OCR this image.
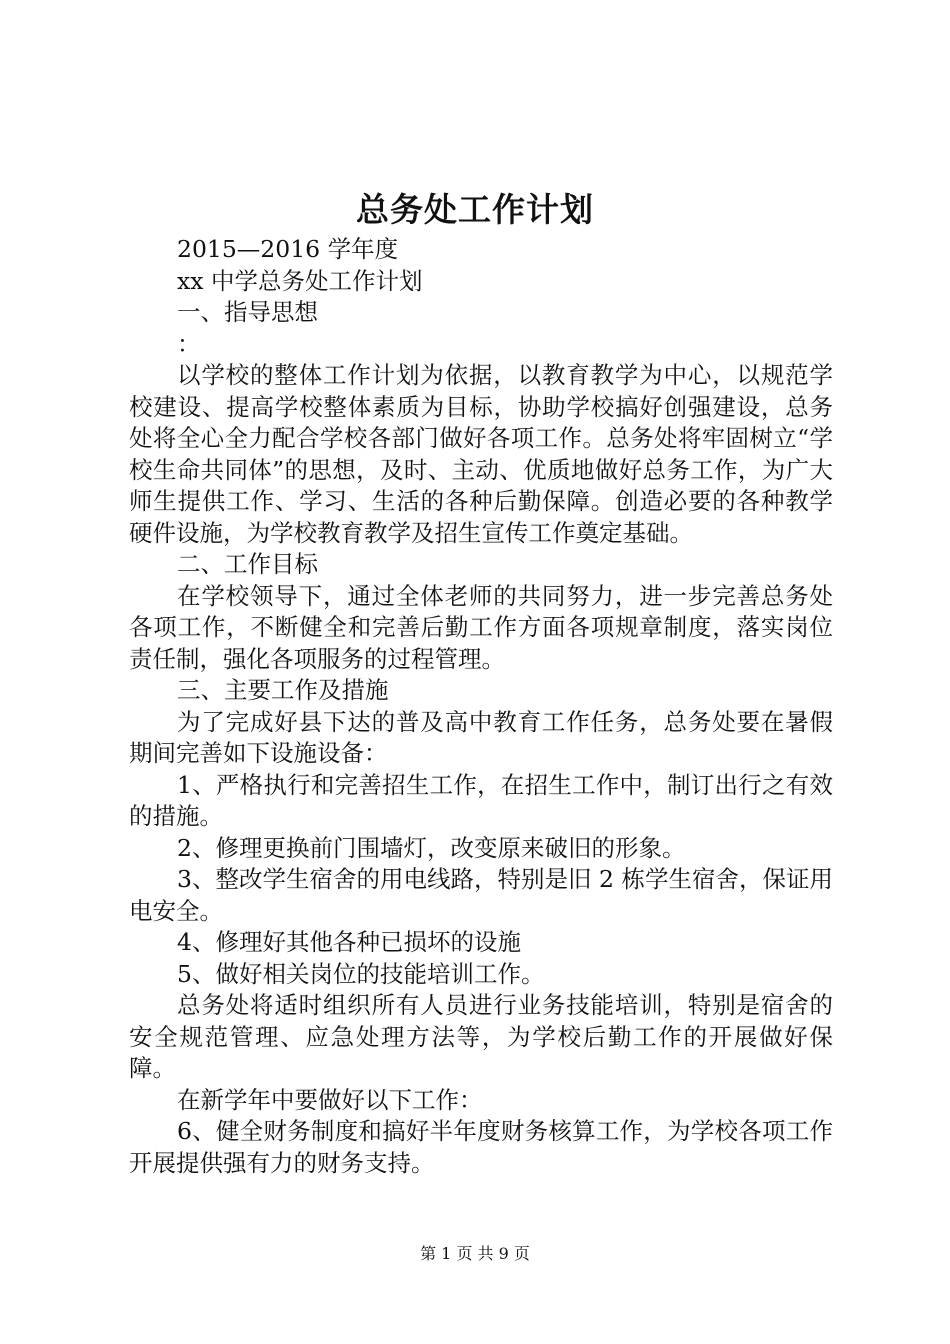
总务处工作计划

2015—2016 学年度

xx 中学总务处工作计划

一、指导思想

：

以学校的整体工作计划为依据，以教育教学为中心，以规范学校建设、提高学校整体素质为目标，协助学校搞好创强建设，总务处将全心全力配合学校各部门做好各项工作。总务处将牢固树立“学校生命共同体”的思想，及时、主动、优质地做好总务工作，为广大师生提供工作、学习、生活的各种后勤保障。创造必要的各种教学硬件设施，为学校教育教学及招生宣传工作奠定基础。

二、工作目标

在学校领导下，通过全体老师的共同努力，进一步完善总务处各项工作，不断健全和完善后勤工作方面各项规章制度，落实岗位责任制，强化各项服务的过程管理。

三、主要工作及措施

为了完成好县下达的普及高中教育工作任务，总务处要在暑假期间完善如下设施设备：

1、严格执行和完善招生工作，在招生工作中，制订出行之有效的措施。

2、修理更换前门围墙灯，改变原来破旧的形象。

3、整改学生宿舍的用电线路，特别是旧 2 栋学生宿舍，保证用电安全。

4、修理好其他各种已损坏的设施

5、做好相关岗位的技能培训工作。

总务处将适时组织所有人员进行业务技能培训，特别是宿舍的安全规范管理、应急处理方法等，为学校后勤工作的开展做好保障。

在新学年中要做好以下工作：

6、健全财务制度和搞好半年度财务核算工作，为学校各项工作开展提供强有力的财务支持。

第 1 页 共 9 页
